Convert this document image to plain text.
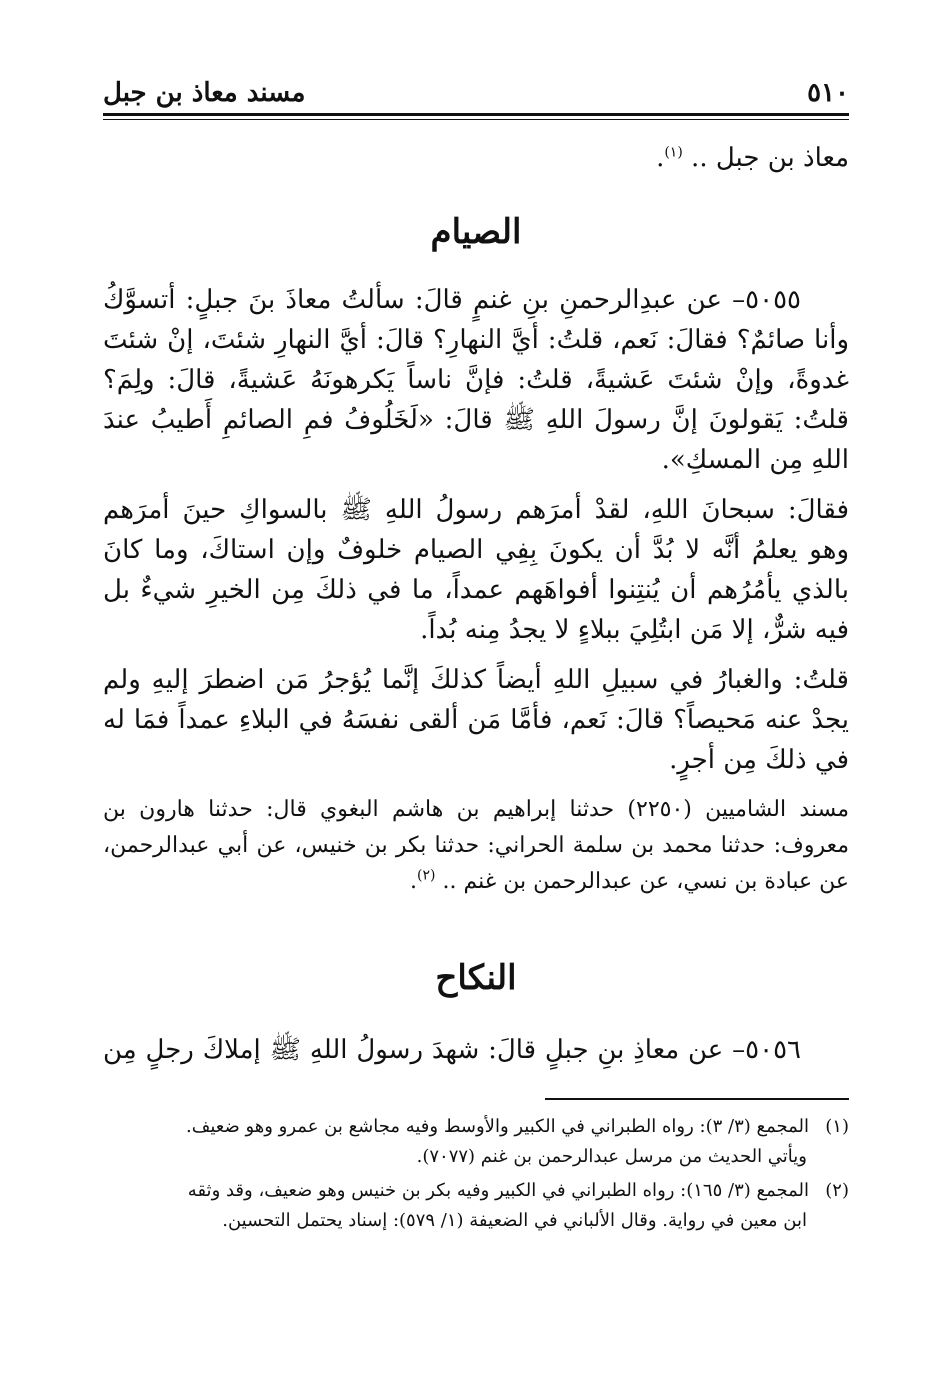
٥١٠
مسند معاذ بن جبل

معاذ بن جبل .. $^{(١)}$.

الصيام

٥٠٥٥– عن عبدِالرحمنِ بنِ غنمٍ قالَ: سألتُ معاذَ بنَ جبلٍ: أتسوَّكُ وأنا صائمٌ؟ فقالَ: نَعم، قلتُ: أيَّ النهارِ؟ قالَ: أيَّ النهارِ شئتَ، إنْ شئتَ غدوةً، وإنْ شئتَ عَشيةً، قلتُ: فإنَّ ناساً يَكرهونَهُ عَشيةً، قالَ: ولِمَ؟ قلتُ: يَقولونَ إنَّ رسولَ اللهِ ﷺ قالَ: «لَخَلُوفُ فمِ الصائمِ أَطيبُ عندَ اللهِ مِن المسكِ».

فقالَ: سبحانَ اللهِ، لقدْ أمرَهم رسولُ اللهِ ﷺ بالسواكِ حينَ أمرَهم وهو يعلمُ أنَّه لا بُدَّ أن يكونَ بِفِي الصيام خلوفٌ وإن استاكَ، وما كانَ بالذي يأمُرُهم أن يُنتِنوا أفواهَهم عمداً، ما في ذلكَ مِن الخيرِ شيءٌ بل فيه شرٌّ، إلا مَن ابتُلِيَ ببلاءٍ لا يجدُ مِنه بُداً.

قلتُ: والغبارُ في سبيلِ اللهِ أيضاً كذلكَ إنَّما يُؤجرُ مَن اضطرَ إليهِ ولم يجدْ عنه مَحيصاً؟ قالَ: نَعم، فأمَّا مَن ألقى نفسَهُ في البلاءِ عمداً فمَا له في ذلكَ مِن أجرٍ.

مسند الشاميين (٢٢٥٠) حدثنا إبراهيم بن هاشم البغوي قال: حدثنا هارون بن معروف: حدثنا محمد بن سلمة الحراني: حدثنا بكر بن خنيس، عن أبي عبدالرحمن، عن عبادة بن نسي، عن عبدالرحمن بن غنم .. $^{(٢)}$.

النكاح

٥٠٥٦– عن معاذِ بنِ جبلٍ قالَ: شهدَ رسولُ اللهِ ﷺ إملاكَ رجلٍ مِن

(١)المجمع (٣/ ٣): رواه الطبراني في الكبير والأوسط وفيه مجاشع بن عمرو وهو ضعيف.
ويأتي الحديث من مرسل عبدالرحمن بن غنم (٧٠٧٧).

(٢)المجمع (٣/ ١٦٥): رواه الطبراني في الكبير وفيه بكر بن خنيس وهو ضعيف، وقد وثقه
ابن معين في رواية. وقال الألباني في الضعيفة (١/ ٥٧٩): إسناد يحتمل التحسين.
